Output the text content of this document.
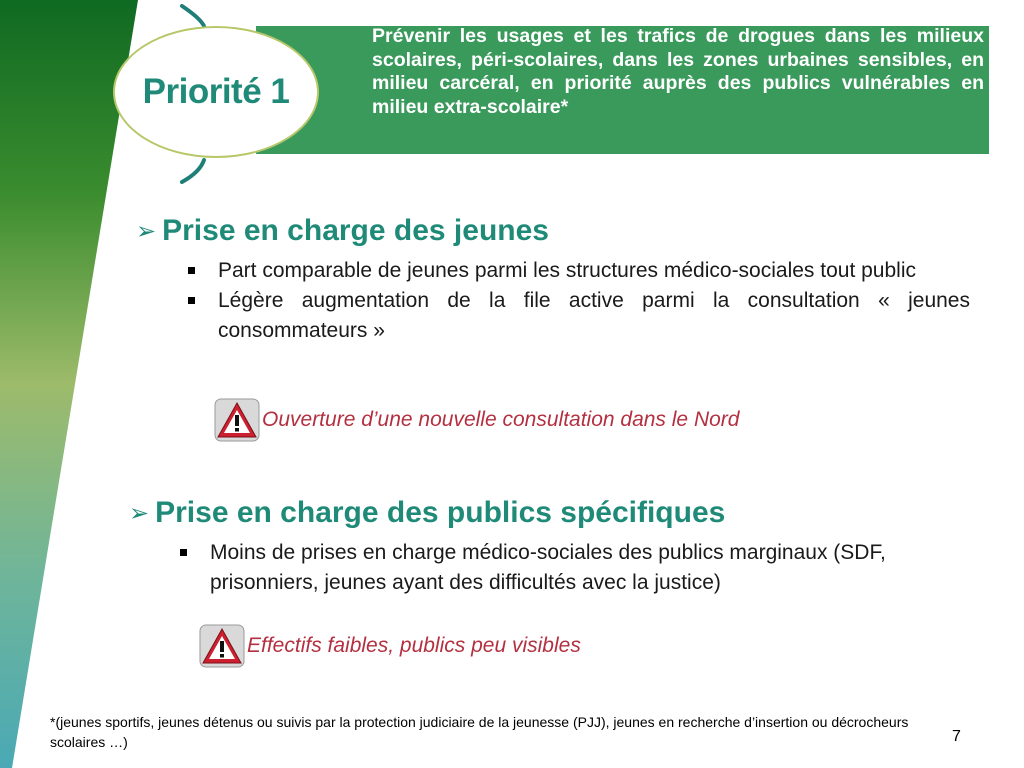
Prévenir les usages et les trafics de drogues dans les milieux scolaires, péri-scolaires, dans les zones urbaines sensibles, en milieu carcéral, en priorité auprès des publics vulnérables en milieu extra-scolaire*
Priorité 1
➢ Prise en charge des jeunes
Part comparable de jeunes parmi les structures médico-sociales tout public
Légère augmentation de la file active parmi la consultation « jeunes consommateurs »
Ouverture d’une nouvelle consultation dans le Nord
➢ Prise en charge des publics spécifiques
Moins de prises en charge médico-sociales des publics marginaux (SDF, prisonniers, jeunes ayant des difficultés avec la justice)
Effectifs faibles, publics peu visibles
*(jeunes sportifs, jeunes détenus ou suivis par la protection judiciaire de la jeunesse (PJJ), jeunes en recherche d’insertion ou décrocheurs scolaires …)	7
